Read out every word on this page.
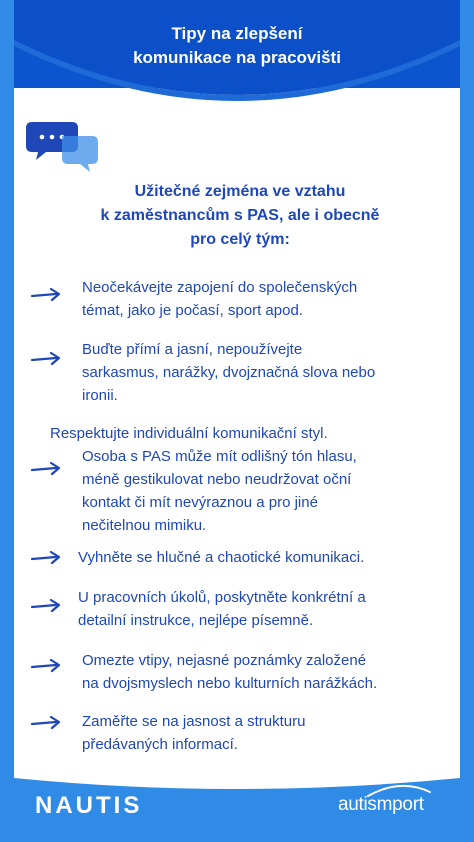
Tipy na zlepšení
komunikace na pracovišti
Užitečné zejména ve vztahu
k zaměstnancům s PAS, ale i obecně
pro celý tým:
Neočekávejte zapojení do společenských
témat, jako je počasí, sport apod.
Buďte přímí a jasní, nepoužívejte
sarkasmus, narážky, dvojznačná slova nebo
ironii.
Respektujte individuální komunikační styl.
Osoba s PAS může mít odlišný tón hlasu,
méně gestikulovat nebo neudržovat oční
kontakt či mít nevýraznou a pro jiné
nečitelnou mimiku.
Vyhněte se hlučné a chaotické komunikaci.
U pracovních úkolů, poskytněte konkrétní a
detailní instrukce, nejlépe písemně.
Omezte vtipy, nejasné poznámky založené
na dvojsmyslech nebo kulturních narážkách.
Zaměřte se na jasnost a strukturu
předávaných informací.
NAUTIS	autismport
